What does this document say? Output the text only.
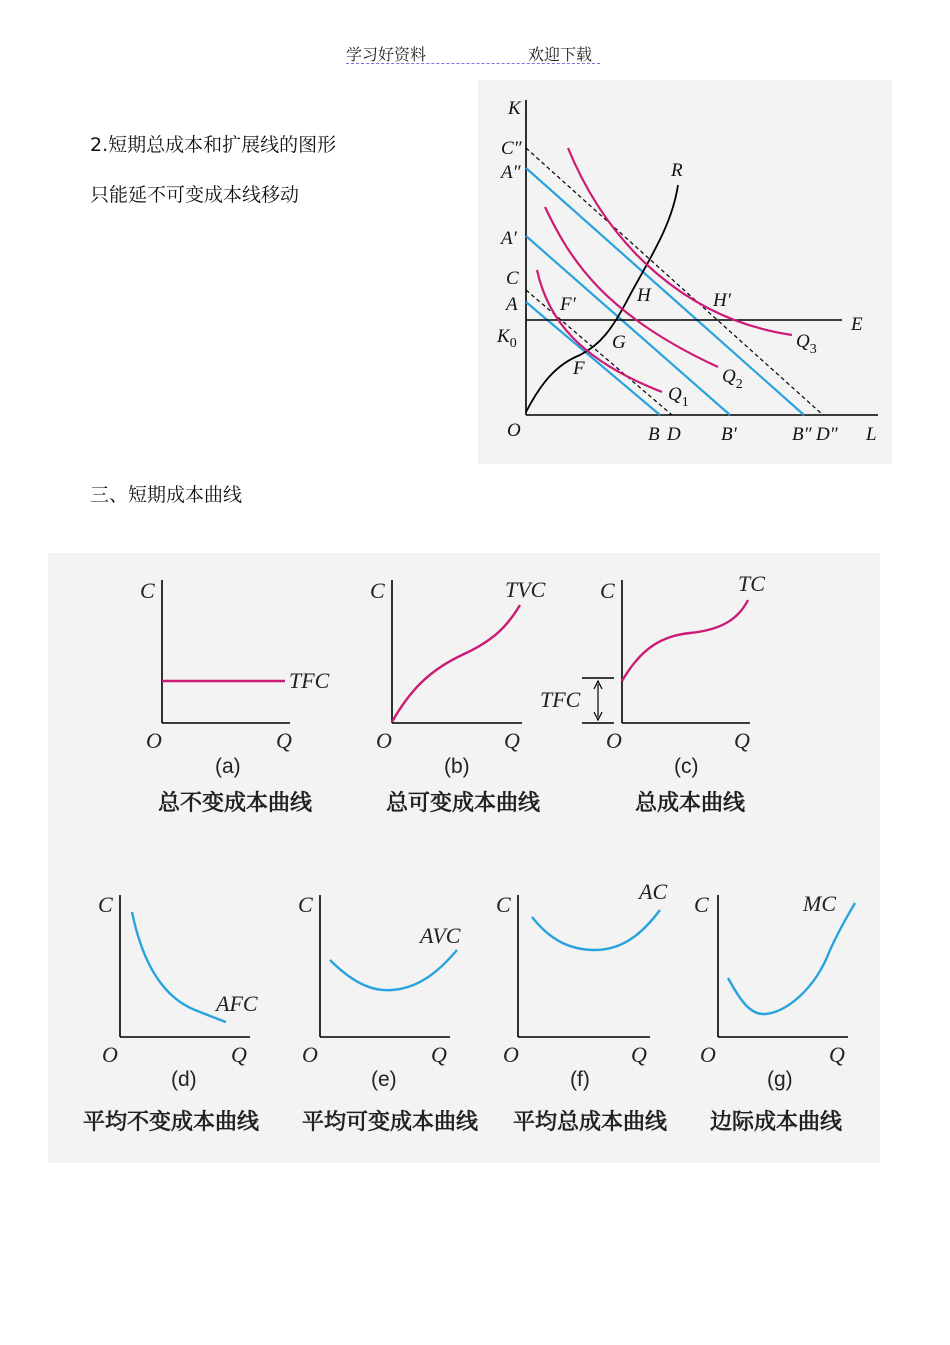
学习好资料	欢迎下载
2.短期总成本和扩展线的图形
只能延不可变成本线移动
K
C″
A″
A′
C
A
$K_0$
O	B D B′	B″ D″ L
R
E
F′
F
G
H	H′
$Q_3$
$Q_2$
$Q_1$
三、短期成本曲线
C
O	Q
TFC
(a)
总不变成本曲线
C
O	Q
TVC
(b)
总可变成本曲线
TFC
C
O	Q
TC
(c)
总成本曲线
C
O	Q
AFC
(d)
平均不变成本曲线
C
O	Q
AVC
(e)
平均可变成本曲线
C
O	Q
AC
(f)
平均总成本曲线
C
O	Q
MC
(g)
边际成本曲线
